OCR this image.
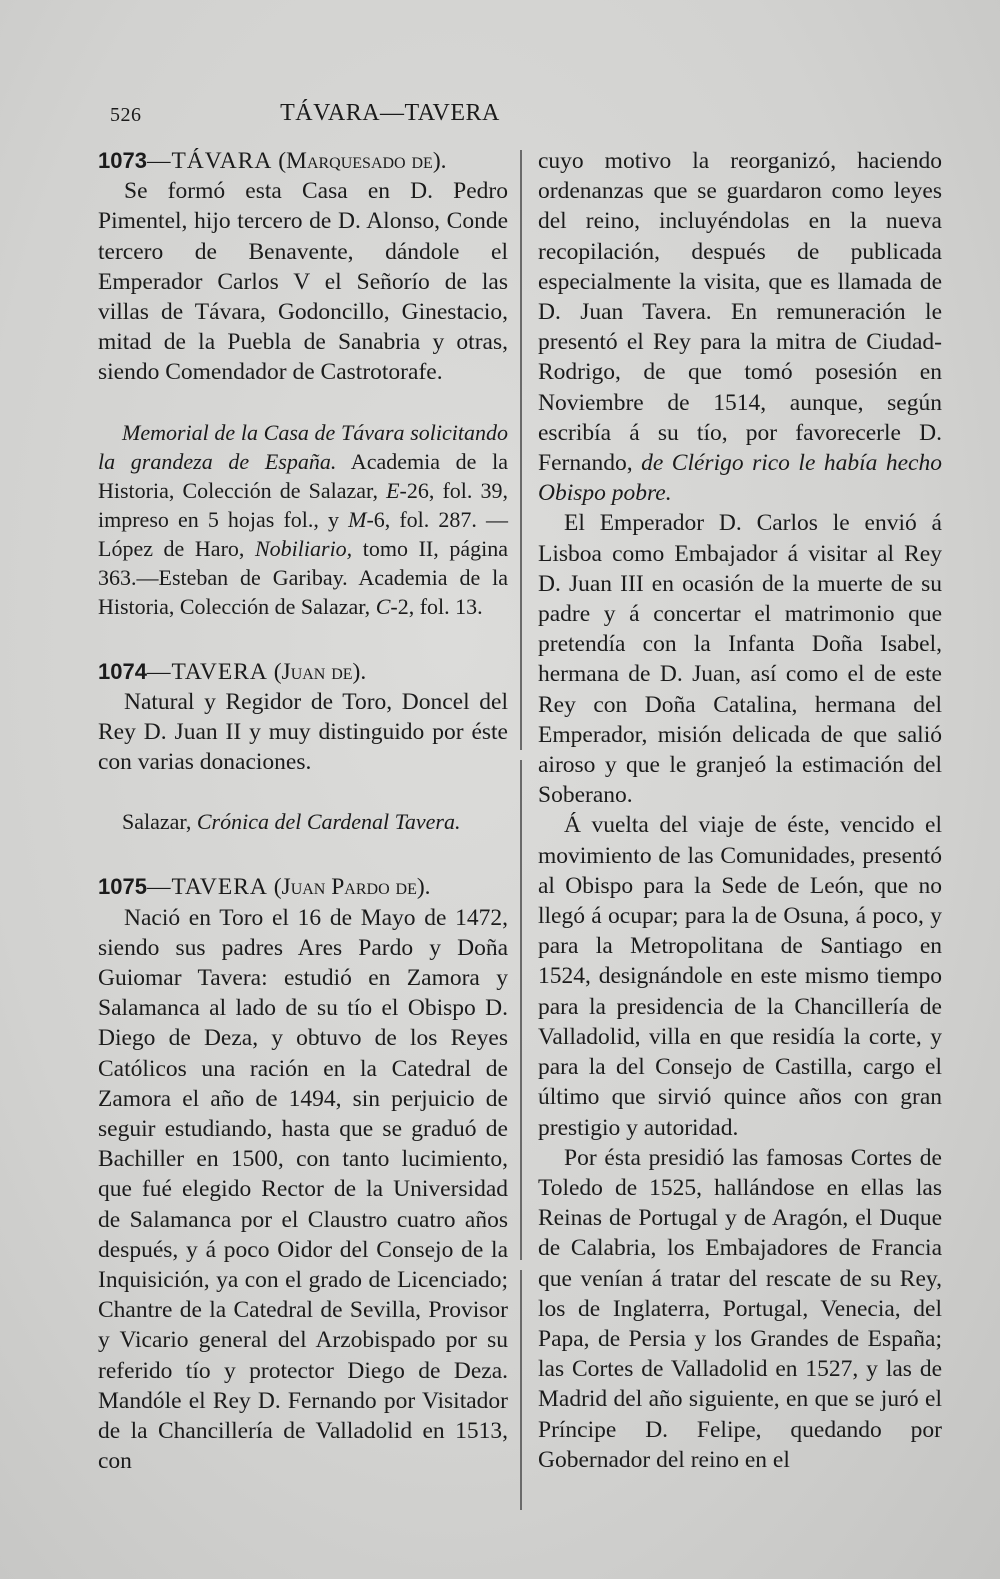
526	TÁVARA—TAVERA

1073—TÁVARA (Marquesado de).

Se formó esta Casa en D. Pedro Pimentel, hijo tercero de D. Alonso, Conde tercero de Benavente, dándole el Emperador Carlos V el Señorío de las villas de Távara, Godoncillo, Ginestacio, mitad de la Puebla de Sanabria y otras, siendo Comendador de Castrotorafe.

Memorial de la Casa de Távara solicitando la grandeza de España. Academia de la Historia, Colección de Salazar, E-26, fol. 39, impreso en 5 hojas fol., y M-6, fol. 287. —López de Haro, Nobiliario, tomo II, página 363.—Esteban de Garibay. Academia de la Historia, Colección de Salazar, C-2, fol. 13.

1074—TAVERA (Juan de).

Natural y Regidor de Toro, Doncel del Rey D. Juan II y muy distinguido por éste con varias donaciones.

Salazar, Crónica del Cardenal Tavera.

1075—TAVERA (Juan Pardo de).

Nació en Toro el 16 de Mayo de 1472, siendo sus padres Ares Pardo y Doña Guiomar Tavera: estudió en Zamora y Salamanca al lado de su tío el Obispo D. Diego de Deza, y obtuvo de los Reyes Católicos una ración en la Catedral de Zamora el año de 1494, sin perjuicio de seguir estudiando, hasta que se graduó de Bachiller en 1500, con tanto lucimiento, que fué elegido Rector de la Universidad de Salamanca por el Claustro cuatro años después, y á poco Oidor del Consejo de la Inquisición, ya con el grado de Licenciado; Chantre de la Catedral de Sevilla, Provisor y Vicario general del Arzobispado por su referido tío y protector Diego de Deza. Mandóle el Rey D. Fernando por Visitador de la Chancillería de Valladolid en 1513, con

cuyo motivo la reorganizó, haciendo ordenanzas que se guardaron como leyes del reino, incluyéndolas en la nueva recopilación, después de publicada especialmente la visita, que es llamada de D. Juan Tavera. En remuneración le presentó el Rey para la mitra de Ciudad-Rodrigo, de que tomó posesión en Noviembre de 1514, aunque, según escribía á su tío, por favorecerle D. Fernando, de Clérigo rico le había hecho Obispo pobre.

El Emperador D. Carlos le envió á Lisboa como Embajador á visitar al Rey D. Juan III en ocasión de la muerte de su padre y á concertar el matrimonio que pretendía con la Infanta Doña Isabel, hermana de D. Juan, así como el de este Rey con Doña Catalina, hermana del Emperador, misión delicada de que salió airoso y que le granjeó la estimación del Soberano.

Á vuelta del viaje de éste, vencido el movimiento de las Comunidades, presentó al Obispo para la Sede de León, que no llegó á ocupar; para la de Osuna, á poco, y para la Metropolitana de Santiago en 1524, designándole en este mismo tiempo para la presidencia de la Chancillería de Valladolid, villa en que residía la corte, y para la del Consejo de Castilla, cargo el último que sirvió quince años con gran prestigio y autoridad.

Por ésta presidió las famosas Cortes de Toledo de 1525, hallándose en ellas las Reinas de Portugal y de Aragón, el Duque de Calabria, los Embajadores de Francia que venían á tratar del rescate de su Rey, los de Inglaterra, Portugal, Venecia, del Papa, de Persia y los Grandes de España; las Cortes de Valladolid en 1527, y las de Madrid del año siguiente, en que se juró el Príncipe D. Felipe, quedando por Gobernador del reino en el
